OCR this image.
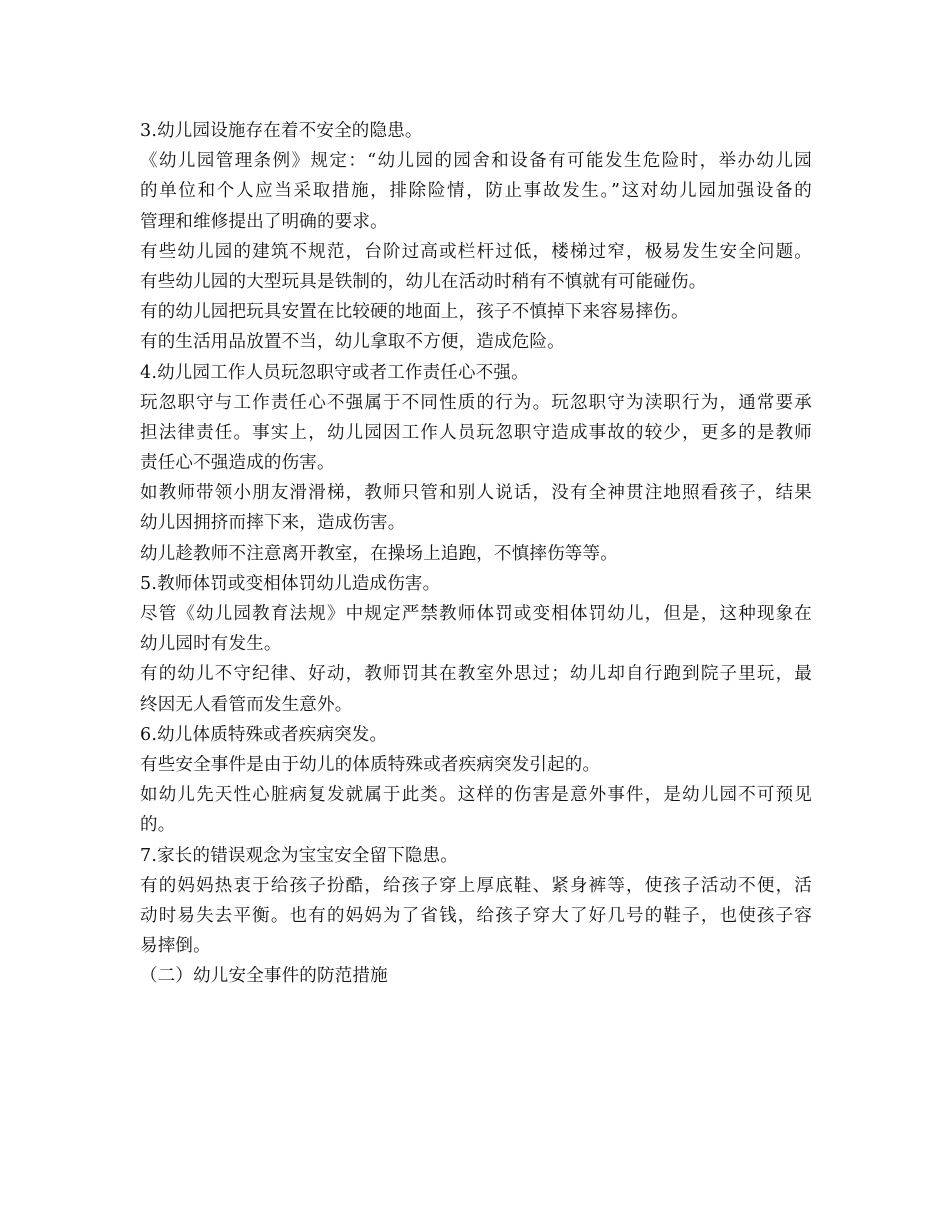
3.幼儿园设施存在着不安全的隐患。
《幼儿园管理条例》规定：“幼儿园的园舍和设备有可能发生危险时，举办幼儿园
的单位和个人应当采取措施，排除险情，防止事故发生。”这对幼儿园加强设备的
管理和维修提出了明确的要求。
有些幼儿园的建筑不规范，台阶过高或栏杆过低，楼梯过窄，极易发生安全问题。
有些幼儿园的大型玩具是铁制的，幼儿在活动时稍有不慎就有可能碰伤。
有的幼儿园把玩具安置在比较硬的地面上，孩子不慎掉下来容易摔伤。
有的生活用品放置不当，幼儿拿取不方便，造成危险。
4.幼儿园工作人员玩忽职守或者工作责任心不强。
玩忽职守与工作责任心不强属于不同性质的行为。玩忽职守为渎职行为，通常要承
担法律责任。事实上，幼儿园因工作人员玩忽职守造成事故的较少，更多的是教师
责任心不强造成的伤害。
如教师带领小朋友滑滑梯，教师只管和别人说话，没有全神贯注地照看孩子，结果
幼儿因拥挤而摔下来，造成伤害。
幼儿趁教师不注意离开教室，在操场上追跑，不慎摔伤等等。
5.教师体罚或变相体罚幼儿造成伤害。
尽管《幼儿园教育法规》中规定严禁教师体罚或变相体罚幼儿，但是，这种现象在
幼儿园时有发生。
有的幼儿不守纪律、好动，教师罚其在教室外思过；幼儿却自行跑到院子里玩，最
终因无人看管而发生意外。
6.幼儿体质特殊或者疾病突发。
有些安全事件是由于幼儿的体质特殊或者疾病突发引起的。
如幼儿先天性心脏病复发就属于此类。这样的伤害是意外事件，是幼儿园不可预见
的。
7.家长的错误观念为宝宝安全留下隐患。
有的妈妈热衷于给孩子扮酷，给孩子穿上厚底鞋、紧身裤等，使孩子活动不便，活
动时易失去平衡。也有的妈妈为了省钱，给孩子穿大了好几号的鞋子，也使孩子容
易摔倒。
（二）幼儿安全事件的防范措施
